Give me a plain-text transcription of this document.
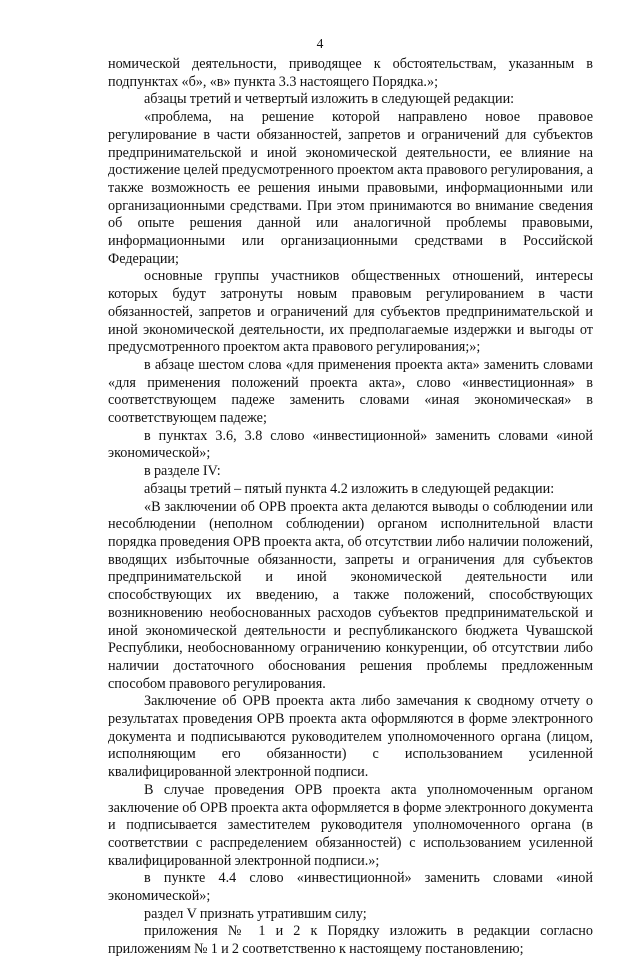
4

номической деятельности, приводящее к обстоятельствам, указанным в подпунктах «б», «в» пункта 3.3 настоящего Порядка.»;

абзацы третий и четвертый изложить в следующей редакции:

«проблема, на решение которой направлено новое правовое регулирование в части обязанностей, запретов и ограничений для субъектов предпринимательской и иной экономической деятельности, ее влияние на достижение целей предусмотренного проектом акта правового регулирования, а также возможность ее решения иными правовыми, информационными или организационными средствами. При этом принимаются во внимание сведения об опыте решения данной или аналогичной проблемы правовыми, информационными или организационными средствами в Российской Федерации;

основные группы участников общественных отношений, интересы которых будут затронуты новым правовым регулированием в части обязанностей, запретов и ограничений для субъектов предпринимательской и иной экономической деятельности, их предполагаемые издержки и выгоды от предусмотренного проектом акта правового регулирования;»;

в абзаце шестом слова «для применения проекта акта» заменить словами «для применения положений проекта акта», слово «инвестиционная» в соответствующем падеже заменить словами «иная экономическая» в соответствующем падеже;

в пунктах 3.6, 3.8 слово «инвестиционной» заменить словами «иной экономической»;

в разделе IV:

абзацы третий – пятый пункта 4.2 изложить в следующей редакции:

«В заключении об ОРВ проекта акта делаются выводы о соблюдении или несоблюдении (неполном соблюдении) органом исполнительной власти порядка проведения ОРВ проекта акта, об отсутствии либо наличии положений, вводящих избыточные обязанности, запреты и ограничения для субъектов предпринимательской и иной экономической деятельности или способствующих их введению, а также положений, способствующих возникновению необоснованных расходов субъектов предпринимательской и иной экономической деятельности и республиканского бюджета Чувашской Республики, необоснованному ограничению конкуренции, об отсутствии либо наличии достаточного обоснования решения проблемы предложенным способом правового регулирования.

Заключение об ОРВ проекта акта либо замечания к сводному отчету о результатах проведения ОРВ проекта акта оформляются в форме электронного документа и подписываются руководителем уполномоченного органа (лицом, исполняющим его обязанности) с использованием усиленной квалифицированной электронной подписи.

В случае проведения ОРВ проекта акта уполномоченным органом заключение об ОРВ проекта акта оформляется в форме электронного документа и подписывается заместителем руководителя уполномоченного органа (в соответствии с распределением обязанностей) с использованием усиленной квалифицированной электронной подписи.»;

в пункте 4.4 слово «инвестиционной» заменить словами «иной экономической»;

раздел V признать утратившим силу;

приложения № 1 и 2 к Порядку изложить в редакции согласно приложениям № 1 и 2 соответственно к настоящему постановлению;
